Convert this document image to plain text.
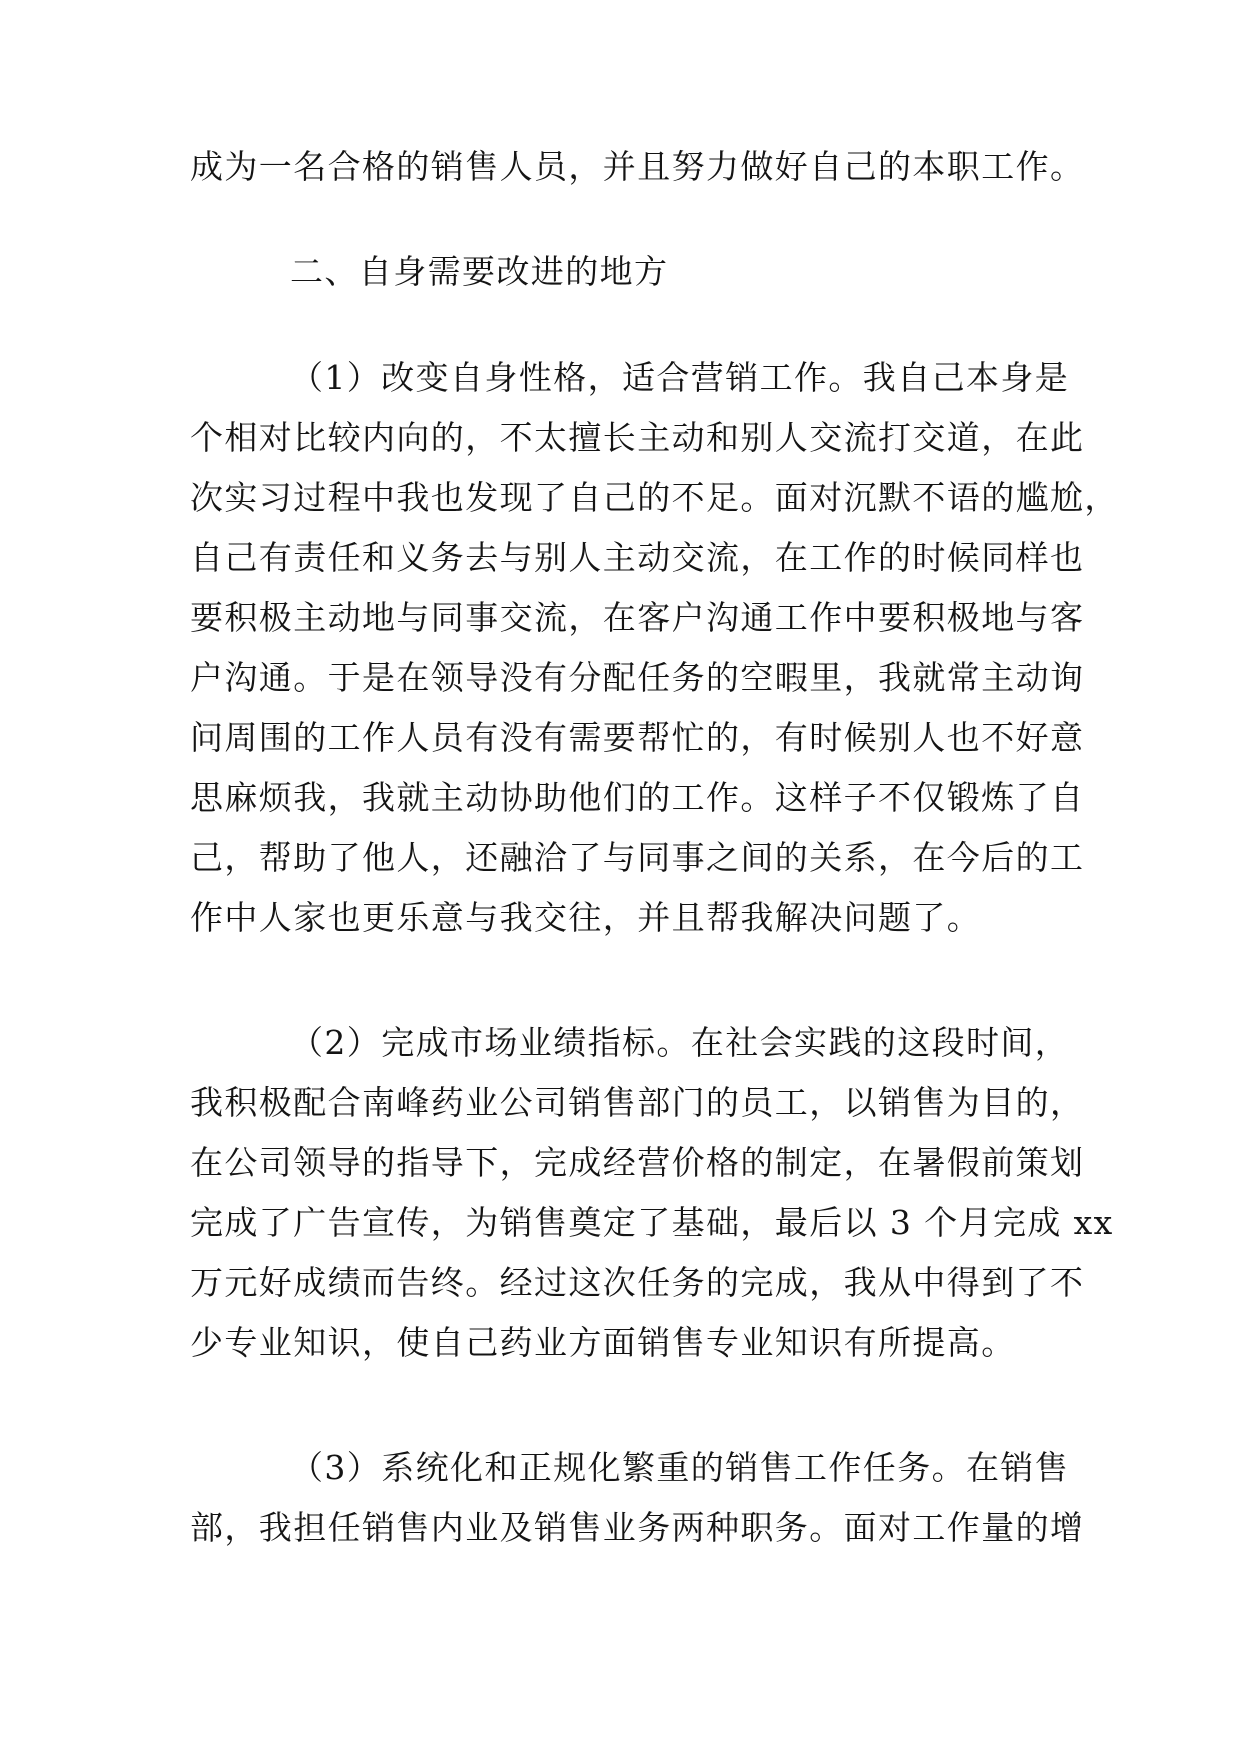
成为一名合格的销售人员，并且努力做好自己的本职工作。

二、自身需要改进的地方

（1）改变自身性格，适合营销工作。我自己本身是
个相对比较内向的，不太擅长主动和别人交流打交道，在此
次实习过程中我也发现了自己的不足。面对沉默不语的尴尬，
自己有责任和义务去与别人主动交流，在工作的时候同样也
要积极主动地与同事交流，在客户沟通工作中要积极地与客
户沟通。于是在领导没有分配任务的空暇里，我就常主动询
问周围的工作人员有没有需要帮忙的，有时候别人也不好意
思麻烦我，我就主动协助他们的工作。这样子不仅锻炼了自
己，帮助了他人，还融洽了与同事之间的关系，在今后的工
作中人家也更乐意与我交往，并且帮我解决问题了。

（2）完成市场业绩指标。在社会实践的这段时间，
我积极配合南峰药业公司销售部门的员工，以销售为目的，
在公司领导的指导下，完成经营价格的制定，在暑假前策划
完成了广告宣传，为销售奠定了基础，最后以 3 个月完成 xx
万元好成绩而告终。经过这次任务的完成，我从中得到了不
少专业知识，使自己药业方面销售专业知识有所提高。

（3）系统化和正规化繁重的销售工作任务。在销售
部，我担任销售内业及销售业务两种职务。面对工作量的增
